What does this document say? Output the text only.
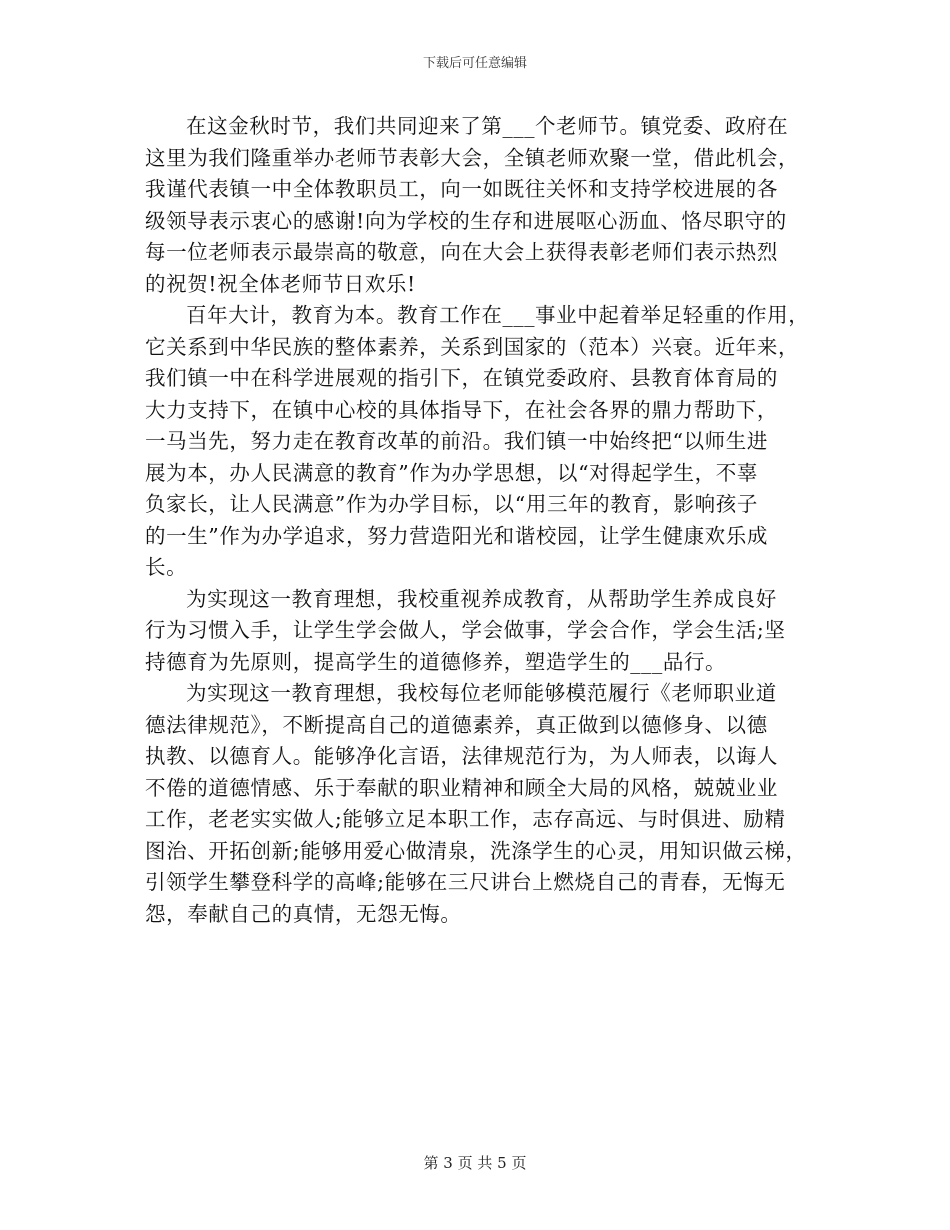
下载后可任意编辑
在这金秋时节，我们共同迎来了第___个老师节。镇党委、政府在
这里为我们隆重举办老师节表彰大会，全镇老师欢聚一堂，借此机会，
我谨代表镇一中全体教职员工，向一如既往关怀和支持学校进展的各
级领导表示衷心的感谢!向为学校的生存和进展呕心沥血、恪尽职守的
每一位老师表示最崇高的敬意，向在大会上获得表彰老师们表示热烈
的祝贺!祝全体老师节日欢乐!
百年大计，教育为本。教育工作在___事业中起着举足轻重的作用，
它关系到中华民族的整体素养，关系到国家的（范本）兴衰。近年来，
我们镇一中在科学进展观的指引下，在镇党委政府、县教育体育局的
大力支持下，在镇中心校的具体指导下，在社会各界的鼎力帮助下，
一马当先，努力走在教育改革的前沿。我们镇一中始终把“以师生进
展为本，办人民满意的教育”作为办学思想，以“对得起学生，不辜
负家长，让人民满意”作为办学目标，以“用三年的教育，影响孩子
的一生”作为办学追求，努力营造阳光和谐校园，让学生健康欢乐成
长。
为实现这一教育理想，我校重视养成教育，从帮助学生养成良好
行为习惯入手，让学生学会做人，学会做事，学会合作，学会生活;坚
持德育为先原则，提高学生的道德修养，塑造学生的___品行。
为实现这一教育理想，我校每位老师能够模范履行《老师职业道
德法律规范》，不断提高自己的道德素养，真正做到以德修身、以德
执教、以德育人。能够净化言语，法律规范行为，为人师表，以诲人
不倦的道德情感、乐于奉献的职业精神和顾全大局的风格，兢兢业业
工作，老老实实做人;能够立足本职工作，志存高远、与时俱进、励精
图治、开拓创新;能够用爱心做清泉，洗涤学生的心灵，用知识做云梯，
引领学生攀登科学的高峰;能够在三尺讲台上燃烧自己的青春，无悔无
怨，奉献自己的真情，无怨无悔。
第 3 页 共 5 页
